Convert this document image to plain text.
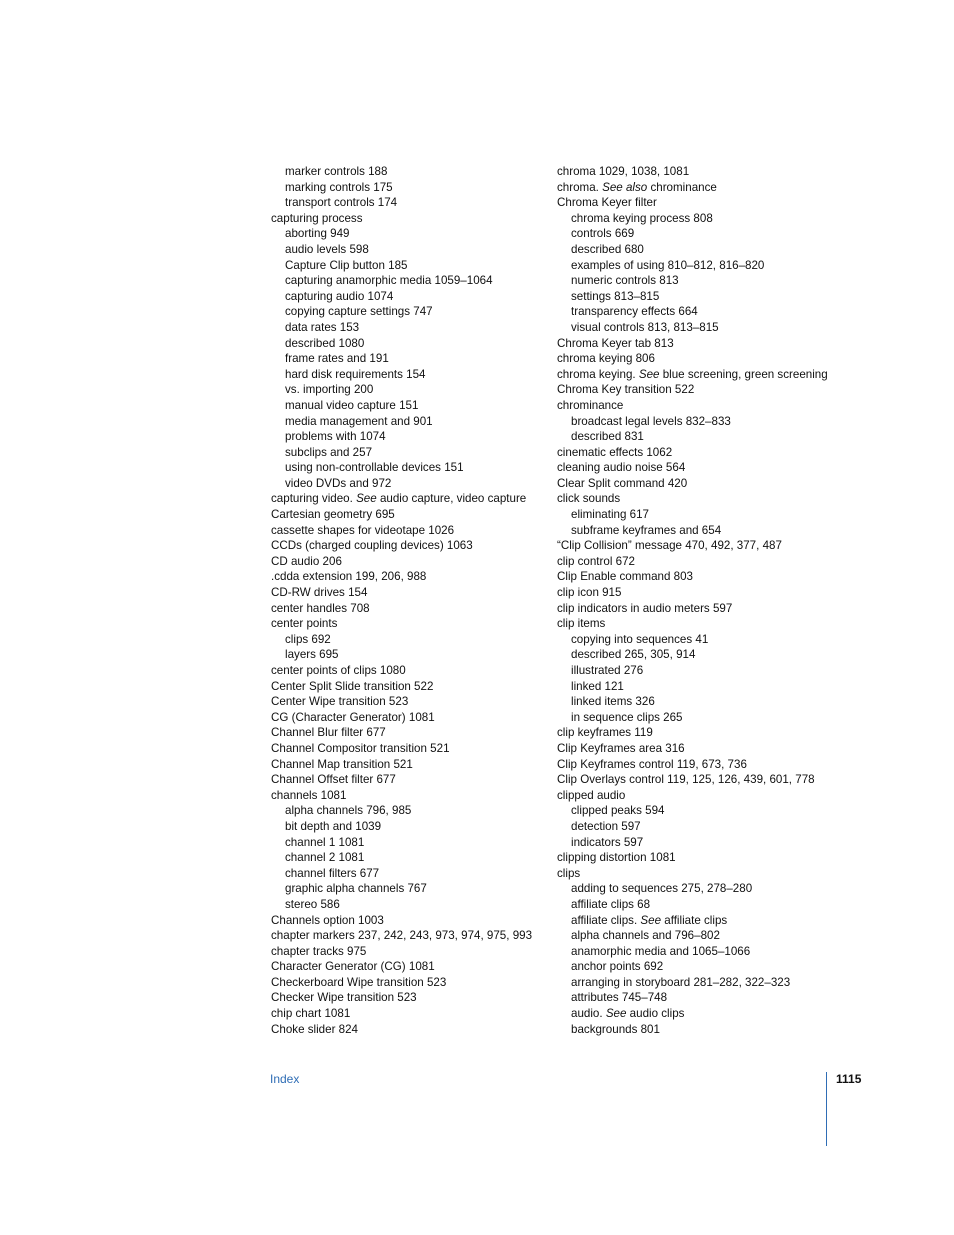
marker controls 188
marking controls 175
transport controls 174
capturing process
aborting 949
audio levels 598
Capture Clip button 185
capturing anamorphic media 1059–1064
capturing audio 1074
copying capture settings 747
data rates 153
described 1080
frame rates and 191
hard disk requirements 154
vs. importing 200
manual video capture 151
media management and 901
problems with 1074
subclips and 257
using non-controllable devices 151
video DVDs and 972
capturing video. See audio capture, video capture
Cartesian geometry 695
cassette shapes for videotape 1026
CCDs (charged coupling devices) 1063
CD audio 206
.cdda extension 199, 206, 988
CD-RW drives 154
center handles 708
center points
clips 692
layers 695
center points of clips 1080
Center Split Slide transition 522
Center Wipe transition 523
CG (Character Generator) 1081
Channel Blur filter 677
Channel Compositor transition 521
Channel Map transition 521
Channel Offset filter 677
channels 1081
alpha channels 796, 985
bit depth and 1039
channel 1 1081
channel 2 1081
channel filters 677
graphic alpha channels 767
stereo 586
Channels option 1003
chapter markers 237, 242, 243, 973, 974, 975, 993
chapter tracks 975
Character Generator (CG) 1081
Checkerboard Wipe transition 523
Checker Wipe transition 523
chip chart 1081
Choke slider 824
chroma 1029, 1038, 1081
chroma. See also chrominance
Chroma Keyer filter
chroma keying process 808
controls 669
described 680
examples of using 810–812, 816–820
numeric controls 813
settings 813–815
transparency effects 664
visual controls 813, 813–815
Chroma Keyer tab 813
chroma keying 806
chroma keying. See blue screening, green screening
Chroma Key transition 522
chrominance
broadcast legal levels 832–833
described 831
cinematic effects 1062
cleaning audio noise 564
Clear Split command 420
click sounds
eliminating 617
subframe keyframes and 654
“Clip Collision” message 470, 492, 377, 487
clip control 672
Clip Enable command 803
clip icon 915
clip indicators in audio meters 597
clip items
copying into sequences 41
described 265, 305, 914
illustrated 276
linked 121
linked items 326
in sequence clips 265
clip keyframes 119
Clip Keyframes area 316
Clip Keyframes control 119, 673, 736
Clip Overlays control 119, 125, 126, 439, 601, 778
clipped audio
clipped peaks 594
detection 597
indicators 597
clipping distortion 1081
clips
adding to sequences 275, 278–280
affiliate clips 68
affiliate clips. See affiliate clips
alpha channels and 796–802
anamorphic media and 1065–1066
anchor points 692
arranging in storyboard 281–282, 322–323
attributes 745–748
audio. See audio clips
backgrounds 801
Index	1115
